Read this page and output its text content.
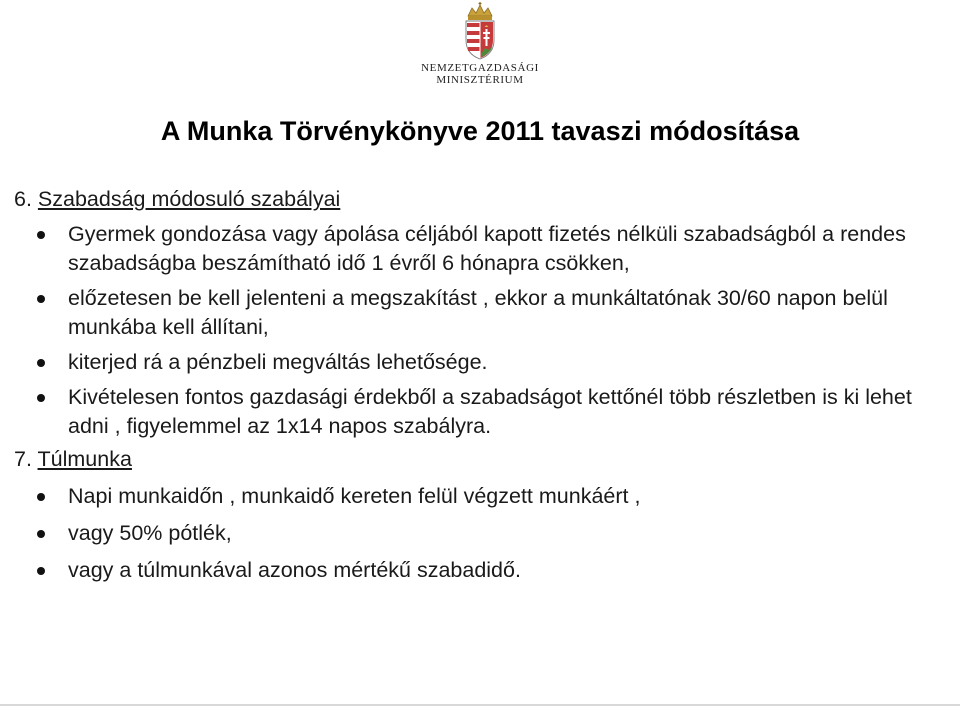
NEMZETGAZDASÁGI
MINISZTÉRIUM
A Munka Törvénykönyve 2011 tavaszi módosítása

6. Szabadság módosuló szabályai

Gyermek gondozása vagy ápolása céljából kapott fizetés nélküli szabadságból a rendes szabadságba beszámítható idő 1 évről 6 hónapra csökken,
előzetesen be kell jelenteni a megszakítást , ekkor a munkáltatónak 30/60 napon belül munkába kell állítani,
kiterjed rá a pénzbeli megváltás lehetősége.
Kivételesen fontos gazdasági érdekből a szabadságot kettőnél több részletben is ki lehet adni , figyelemmel az 1x14 napos szabályra.

7. Túlmunka

Napi munkaidőn , munkaidő kereten felül végzett munkáért ,
vagy 50% pótlék,
vagy a túlmunkával azonos mértékű szabadidő.
